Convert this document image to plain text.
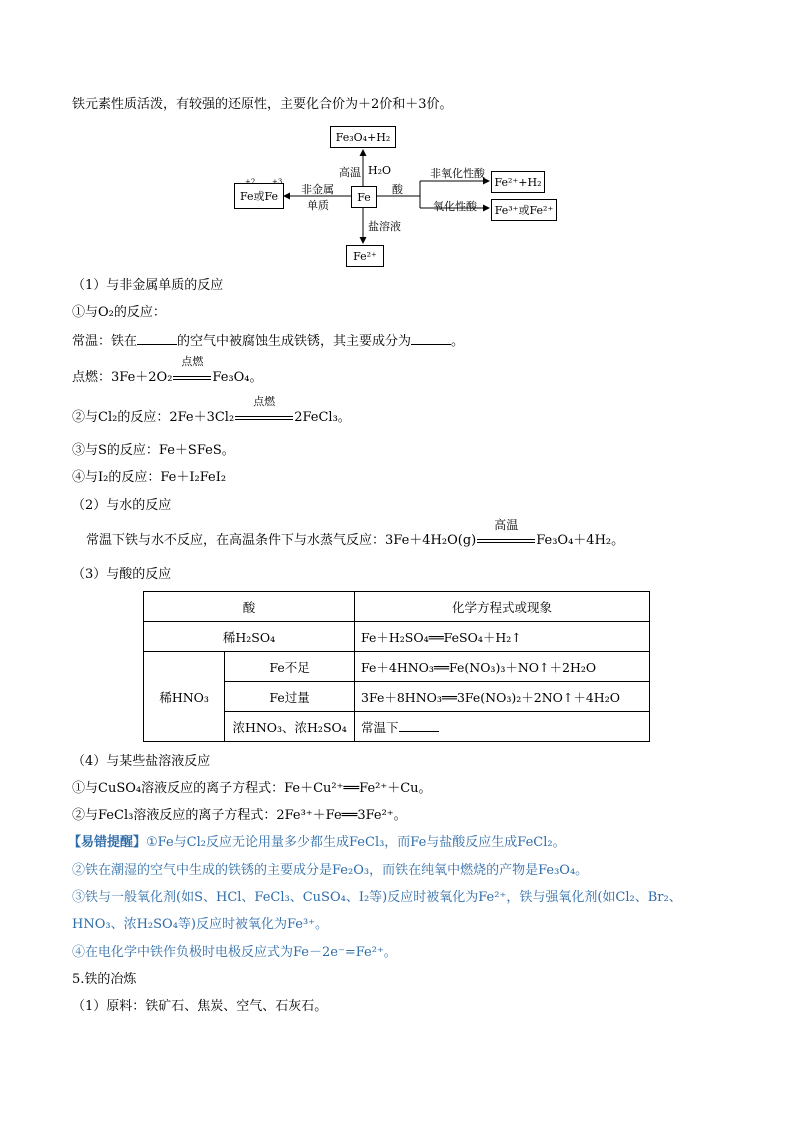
铁元素性质活泼，有较强的还原性，主要化合价为＋2价和＋3价。
Fe₃O₄+H₂
高温 H₂O
Fe
+2 +3
Fe或Fe
非金属
单质
酸
非氧化性酸
Fe²⁺+H₂
氧化性酸	Fe³⁺或Fe²⁺
盐溶液
Fe²⁺
（1）与非金属单质的反应
①与O₂的反应：
常温：铁在	的空气中被腐蚀生成铁锈，其主要成分为	。
点燃：3Fe＋2O₂
点燃
Fe₃O₄。
②与Cl₂的反应：2Fe＋3Cl₂
点燃
2FeCl₃。
③与S的反应：Fe＋SFeS。
④与I₂的反应：Fe＋I₂FeI₂
（2）与水的反应
常温下铁与水不反应，在高温条件下与水蒸气反应：3Fe＋4H₂O(g)
高温
Fe₃O₄＋4H₂。
（3）与酸的反应
酸		化学方程式或现象
稀H₂SO₄		Fe＋H₂SO₄══FeSO₄＋H₂↑
稀HNO₃	Fe不足	Fe＋4HNO₃══Fe(NO₃)₃＋NO↑＋2H₂O
	Fe过量	3Fe＋8HNO₃══3Fe(NO₃)₂＋2NO↑＋4H₂O
	浓HNO₃、浓H₂SO₄	常温下
（4）与某些盐溶液反应
①与CuSO₄溶液反应的离子方程式：Fe＋Cu²⁺══Fe²⁺＋Cu。
②与FeCl₃溶液反应的离子方程式：2Fe³⁺＋Fe══3Fe²⁺。
【易错提醒】①Fe与Cl₂反应无论用量多少都生成FeCl₃，而Fe与盐酸反应生成FeCl₂。
②铁在潮湿的空气中生成的铁锈的主要成分是Fe₂O₃，而铁在纯氧中燃烧的产物是Fe₃O₄。
③铁与一般氧化剂(如S、HCl、FeCl₃、CuSO₄、I₂等)反应时被氧化为Fe²⁺，铁与强氧化剂(如Cl₂、Br₂、
HNO₃、浓H₂SO₄等)反应时被氧化为Fe³⁺。
④在电化学中铁作负极时电极反应式为Fe－2e⁻=Fe²⁺。
5.铁的冶炼
（1）原料：铁矿石、焦炭、空气、石灰石。
